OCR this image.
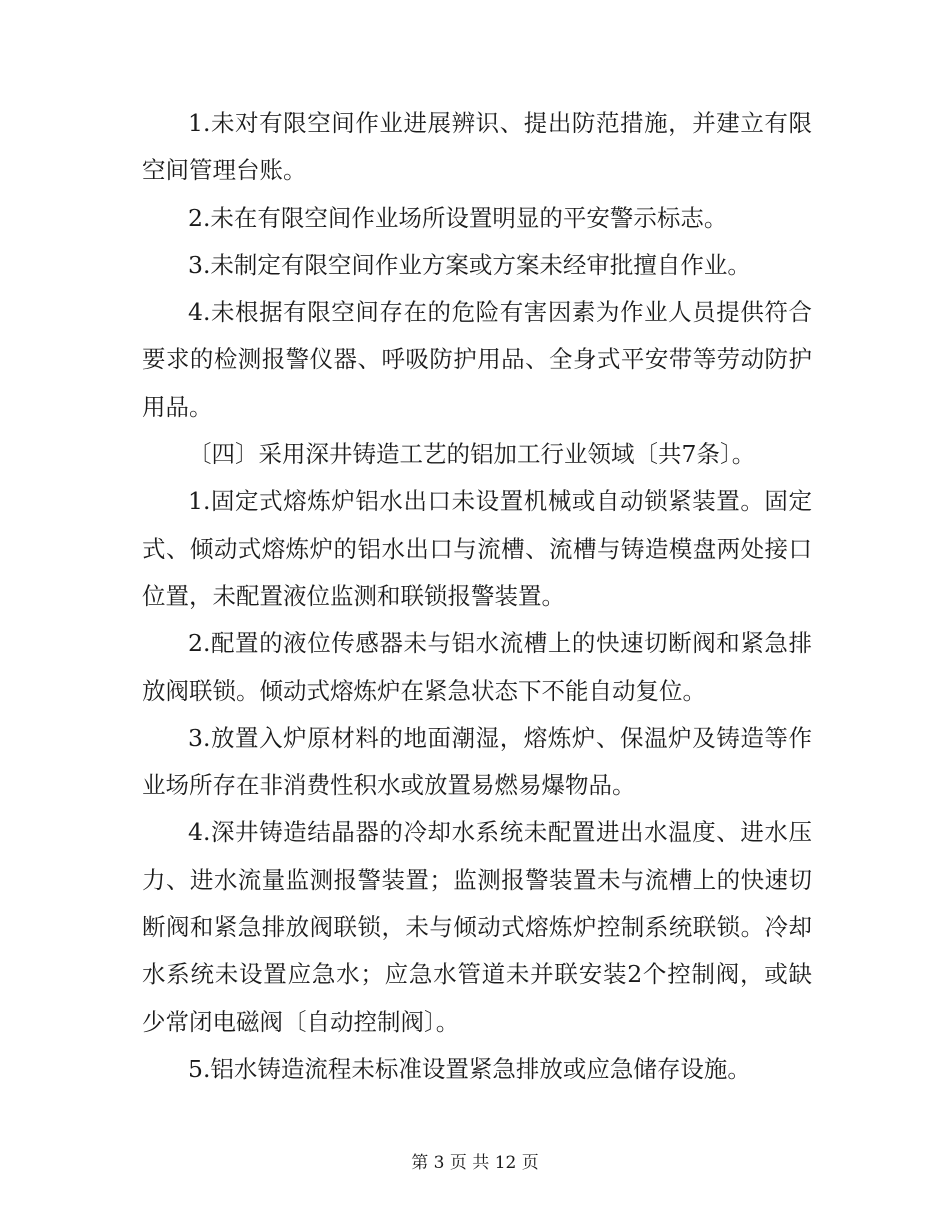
1.未对有限空间作业进展辨识、提出防范措施，并建立有限空间管理台账。

2.未在有限空间作业场所设置明显的平安警示标志。

3.未制定有限空间作业方案或方案未经审批擅自作业。

4.未根据有限空间存在的危险有害因素为作业人员提供符合要求的检测报警仪器、呼吸防护用品、全身式平安带等劳动防护用品。

〔四〕采用深井铸造工艺的铝加工行业领域〔共7条〕。

1.固定式熔炼炉铝水出口未设置机械或自动锁紧装置。固定式、倾动式熔炼炉的铝水出口与流槽、流槽与铸造模盘两处接口位置，未配置液位监测和联锁报警装置。

2.配置的液位传感器未与铝水流槽上的快速切断阀和紧急排放阀联锁。倾动式熔炼炉在紧急状态下不能自动复位。

3.放置入炉原材料的地面潮湿，熔炼炉、保温炉及铸造等作业场所存在非消费性积水或放置易燃易爆物品。

4.深井铸造结晶器的冷却水系统未配置进出水温度、进水压力、进水流量监测报警装置；监测报警装置未与流槽上的快速切断阀和紧急排放阀联锁，未与倾动式熔炼炉控制系统联锁。冷却水系统未设置应急水；应急水管道未并联安装2个控制阀，或缺少常闭电磁阀〔自动控制阀〕。

5.铝水铸造流程未标准设置紧急排放或应急储存设施。

第 3 页 共 12 页
